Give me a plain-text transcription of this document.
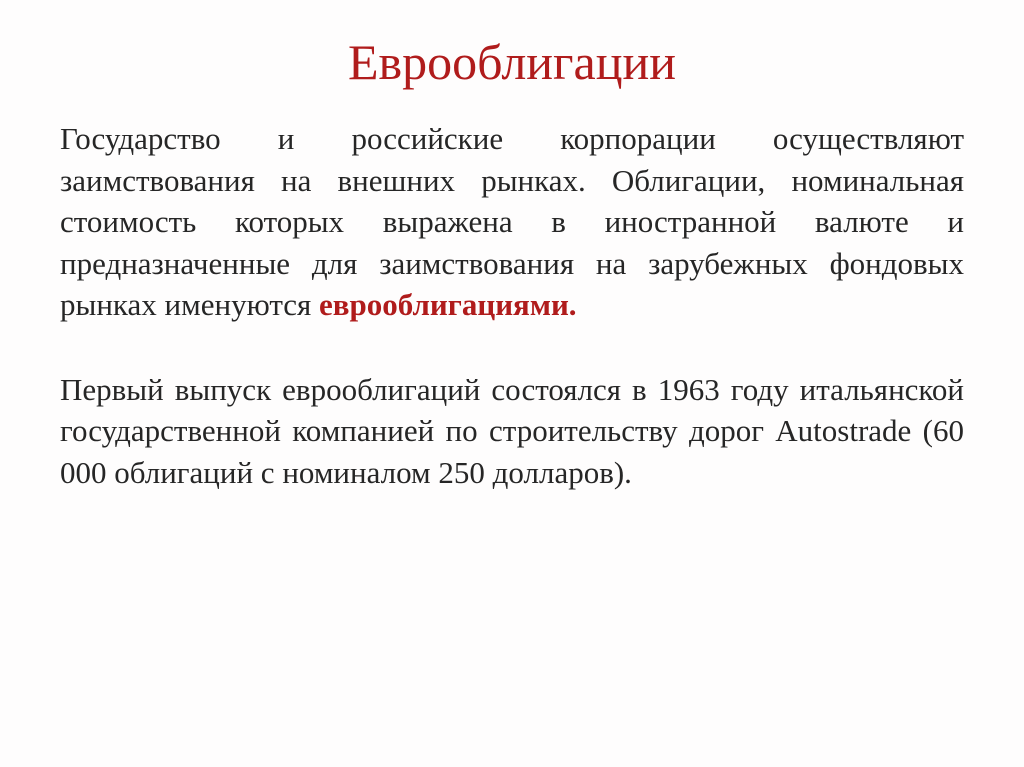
Еврооблигации

Государство и российские корпорации осуществляют заимствования на внешних рынках. Облигации, номинальная стоимость которых выражена в иностранной валюте и предназначенные для заимствования на зарубежных фондовых рынках именуются еврооблигациями.

Первый выпуск еврооблигаций состоялся в 1963 году итальянской государственной компанией по строительству дорог Autostrade (60 000 облигаций с номиналом 250 долларов).
